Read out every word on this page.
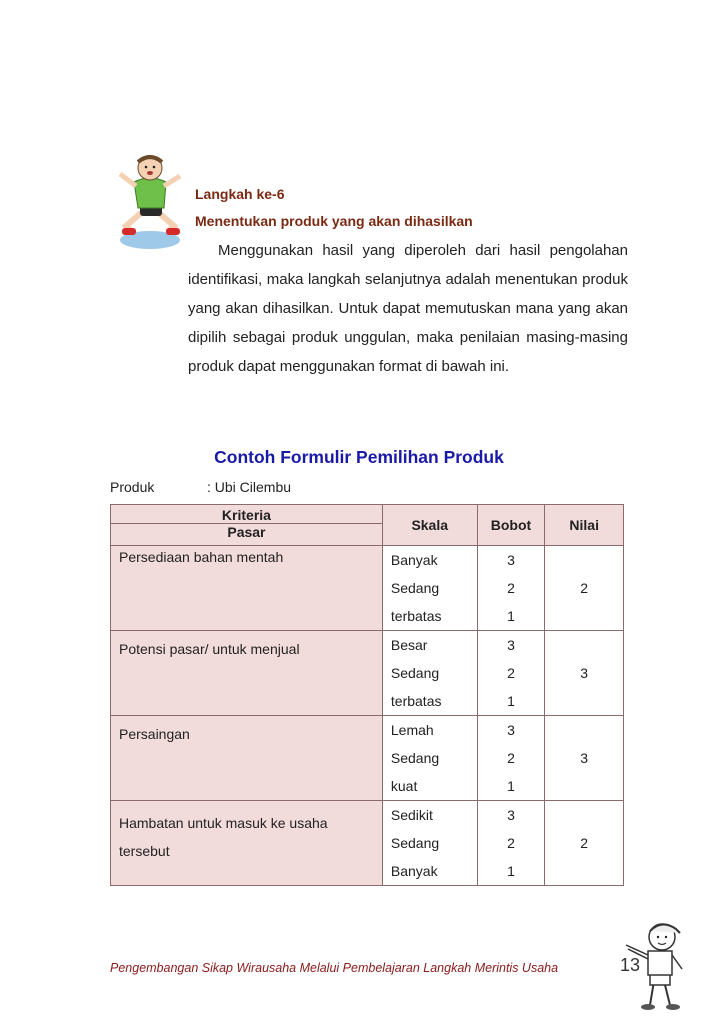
Langkah ke-6
Menentukan produk yang akan dihasilkan
Menggunakan hasil yang diperoleh dari hasil pengolahan identifikasi, maka langkah selanjutnya adalah menentukan produk yang akan dihasilkan. Untuk dapat memutuskan mana yang akan dipilih sebagai produk unggulan, maka penilaian masing-masing produk dapat menggunakan format di bawah ini.
Contoh Formulir Pemilihan Produk
Produk	: Ubi Cilembu
Kriteria
Pasar	Skala	Bobot	Nilai

Persediaan bahan mentah	Banyak	3	2
	Sedang	2	
	terbatas	1	

Potensi pasar/ untuk menjual	Besar	3	3
	Sedang	2	
	terbatas	1	

Persaingan	Lemah	3	3
	Sedang	2	
	kuat	1	

Hambatan untuk masuk ke usaha tersebut	Sedikit	3	2
	Sedang	2	
	Banyak	1	
Pengembangan Sikap Wirausaha Melalui Pembelajaran Langkah Merintis Usaha	13
